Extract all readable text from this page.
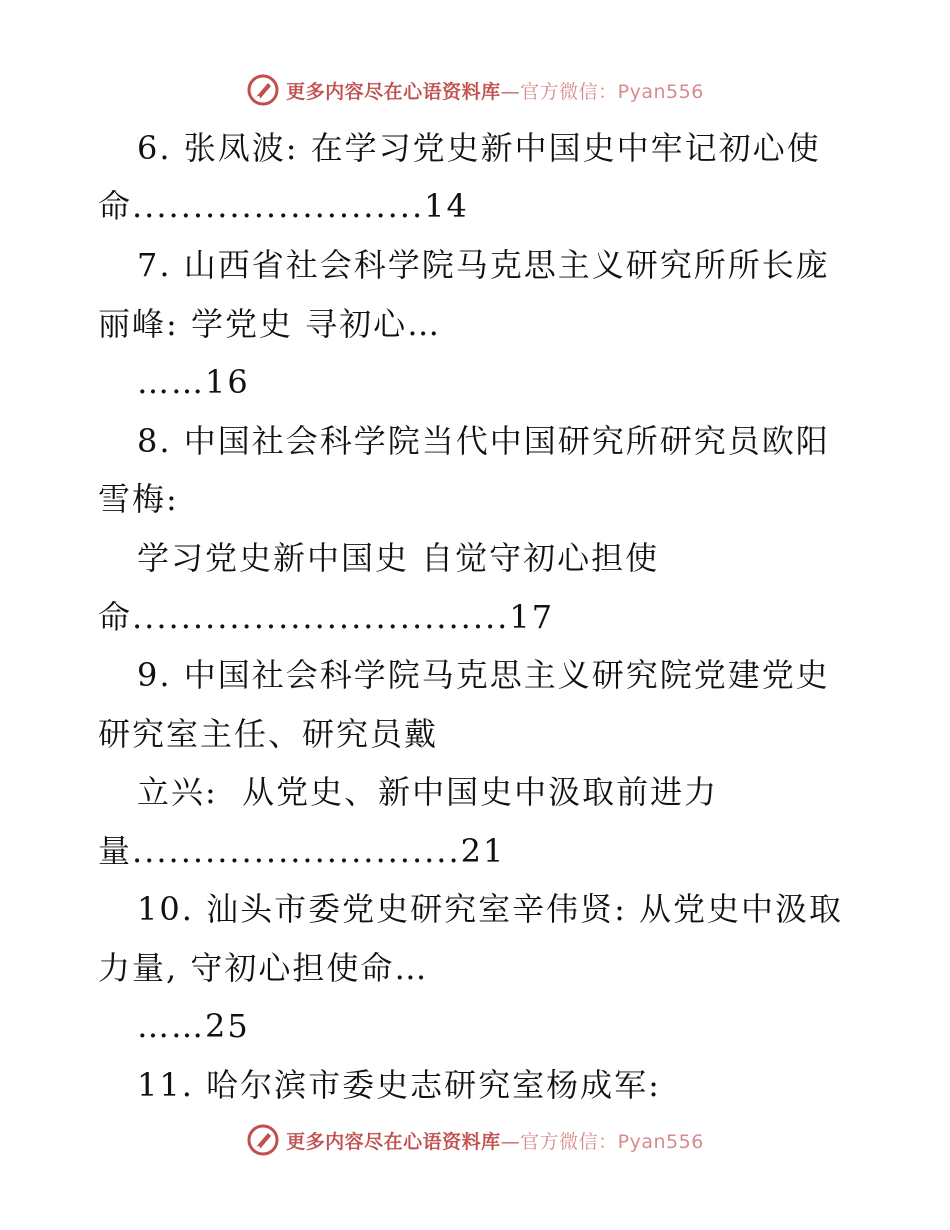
更多内容尽在心语资料库—官方微信：Pyan556
6. 张凤波: 在学习党史新中国史中牢记初心使
命........................14
7. 山西省社会科学院马克思主义研究所所长庞
丽峰: 学党史 寻初心…
……16
8. 中国社会科学院当代中国研究所研究员欧阳
雪梅:
学习党史新中国史 自觉守初心担使
命...............................17
9. 中国社会科学院马克思主义研究院党建党史
研究室主任、研究员戴
立兴:  从党史、新中国史中汲取前进力
量...........................21
10. 汕头市委党史研究室辛伟贤: 从党史中汲取
力量, 守初心担使命…
……25
11. 哈尔滨市委史志研究室杨成军:
更多内容尽在心语资料库—官方微信：Pyan556
